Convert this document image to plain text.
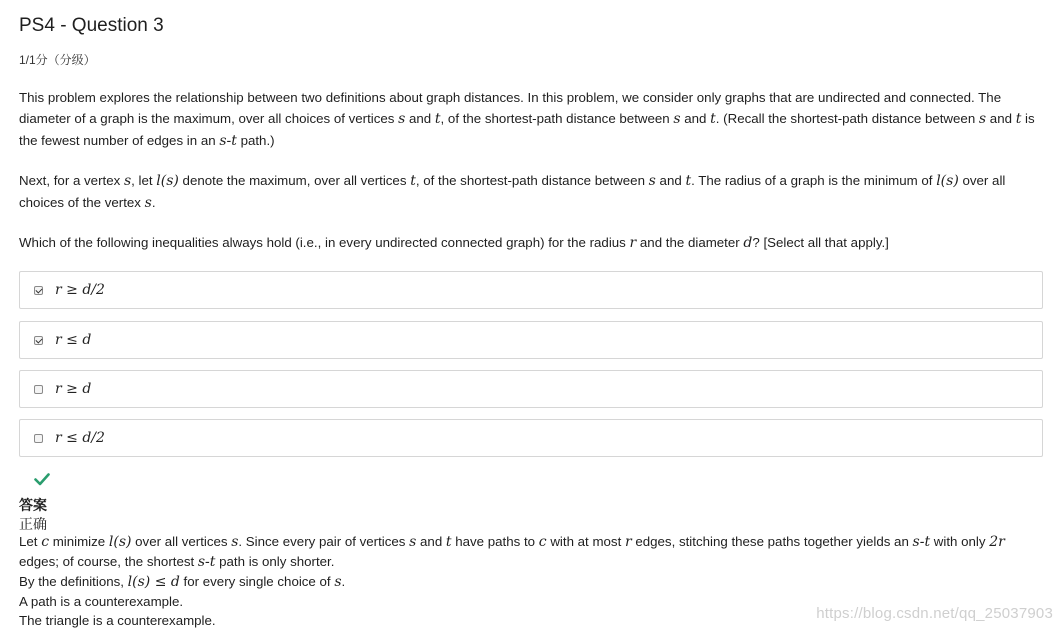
PS4 - Question 3
1/1分（分级）
This problem explores the relationship between two definitions about graph distances. In this problem, we consider only graphs that are undirected and connected. The diameter of a graph is the maximum, over all choices of vertices s and t, of the shortest-path distance between s and t. (Recall the shortest-path distance between s and t is the fewest number of edges in an s-t path.)
Next, for a vertex s, let l(s) denote the maximum, over all vertices t, of the shortest-path distance between s and t. The radius of a graph is the minimum of l(s) over all choices of the vertex s.
Which of the following inequalities always hold (i.e., in every undirected connected graph) for the radius r and the diameter d? [Select all that apply.]
r ≥ d/2
r ≤ d
r ≥ d
r ≤ d/2
答案
正确
Let c minimize l(s) over all vertices s. Since every pair of vertices s and t have paths to c with at most r edges, stitching these paths together yields an s-t with only 2r edges; of course, the shortest s-t path is only shorter.
By the definitions, l(s) ≤ d for every single choice of s.
A path is a counterexample.
The triangle is a counterexample.	https://blog.csdn.net/qq_25037903
